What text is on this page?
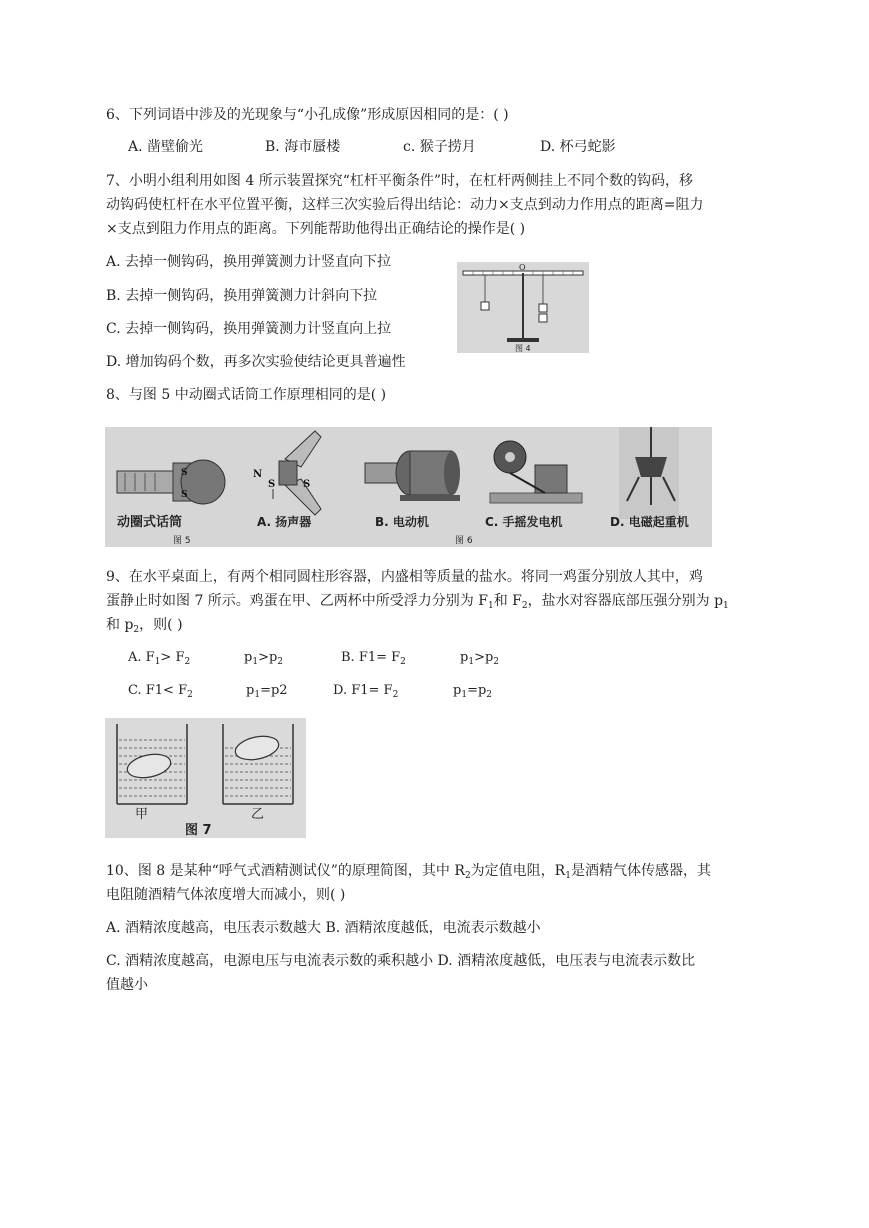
6、下列词语中涉及的光现象与“小孔成像”形成原因相同的是：( )
A. 凿壁偷光	B. 海市蜃楼	c. 猴子捞月	D. 杯弓蛇影
7、小明小组利用如图 4 所示装置探究“杠杆平衡条件”时，在杠杆两侧挂上不同个数的钩码，移
动钩码使杠杆在水平位置平衡，这样三次实验后得出结论：动力×支点到动力作用点的距离=阻力
×支点到阻力作用点的距离。下列能帮助他得出正确结论的操作是( )
A. 去掉一侧钩码，换用弹簧测力计竖直向下拉
B. 去掉一侧钩码，换用弹簧测力计斜向下拉
C. 去掉一侧钩码，换用弹簧测力计竖直向上拉
D. 增加钩码个数，再多次实验使结论更具普遍性
O
图 4
8、与图 5 中动圈式话筒工作原理相同的是( )
S
S
N
S	S
动圈式话筒	A. 扬声器	B. 电动机	C. 手摇发电机	D. 电磁起重机
图 5	图 6
9、在水平桌面上，有两个相同圆柱形容器，内盛相等质量的盐水。将同一鸡蛋分别放人其中，鸡
蛋静止时如图 7 所示。鸡蛋在甲、乙两杯中所受浮力分别为 $F_1$和 $F_2$，盐水对容器底部压强分别为 $p_1$
和 $p_2$，则( )
A. $F_1> F_2$	$p_1>p_2$	B. $F1= F_2$	$p_1>p_2$
C. $F1< F_2$	$p_1=p2$	D. $F1= F_2$	$p_1=p_2$
甲	乙
图 7
10、图 8 是某种“呼气式酒精测试仪”的原理简图，其中 $R_2$为定值电阻，$R_1$是酒精气体传感器，其
电阻随酒精气体浓度增大而减小，则( )
A. 酒精浓度越高，电压表示数越大 B. 酒精浓度越低，电流表示数越小
C. 酒精浓度越高，电源电压与电流表示数的乘积越小 D. 酒精浓度越低，电压表与电流表示数比
值越小
